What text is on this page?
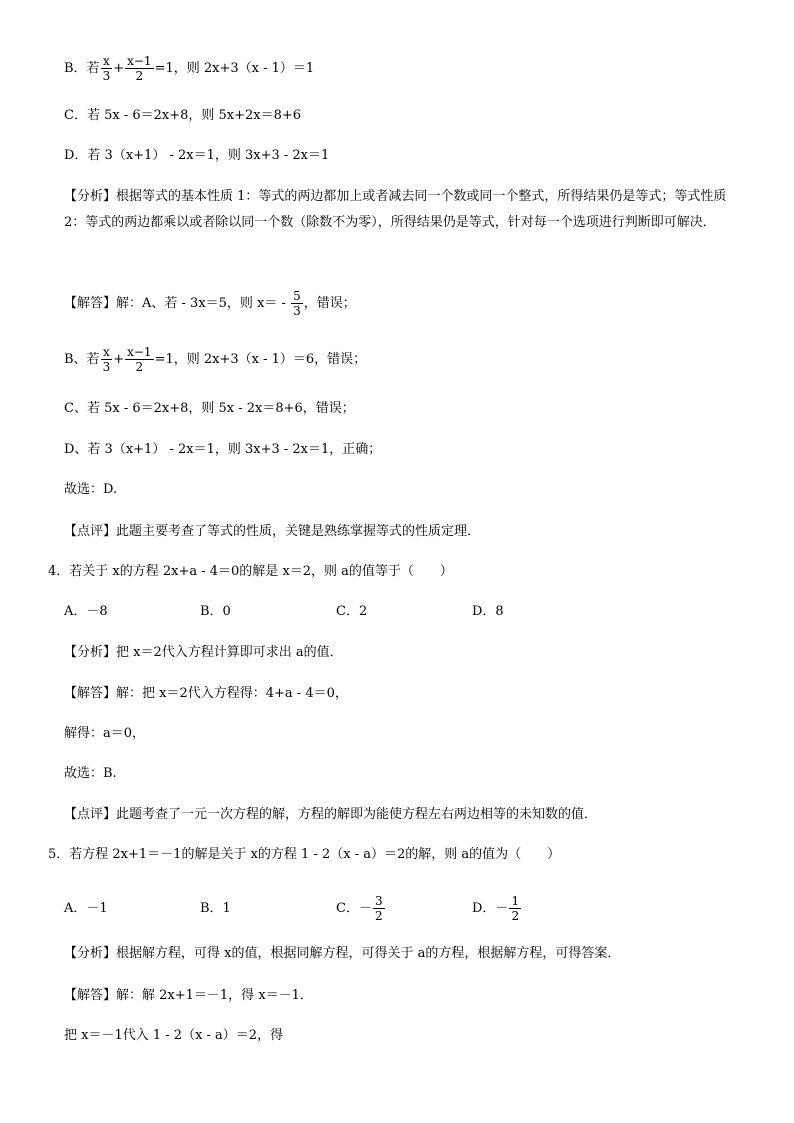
B．若 $\frac{x}{3} + \frac{x-1}{2} =1$，则 2x+3（x - 1）＝1
C．若 5x - 6＝2x+8，则 5x+2x＝8+6
D．若 3（x+1） - 2x＝1，则 3x+3 - 2x＝1
【分析】根据等式的基本性质 1：等式的两边都加上或者减去同一个数或同一个整式，所得结果仍是等式；等式性质 2：等式的两边都乘以或者除以同一个数（除数不为零），所得结果仍是等式，针对每一个选项进行判断即可解决．
【解答】解：A、若 - 3x＝5，则 $x= - \frac{5}{3}$ ，错误；
B、若 $\frac{x}{3} + \frac{x-1}{2} =1$，则 2x+3（x - 1）＝6，错误；
C、若 5x - 6＝2x+8，则 5x - 2x＝8+6，错误；
D、若 3（x+1） - 2x＝1，则 3x+3 - 2x＝1，正确；
故选：D.
【点评】此题主要考查了等式的性质，关键是熟练掌握等式的性质定理．
4．若关于 x的方程 2x+a - 4＝0的解是 x＝2，则 a的值等于（　　）
A．－8	B．0	C．2	D．8
【分析】把 x＝2代入方程计算即可求出 a的值．
【解答】解：把 x＝2代入方程得：4+a - 4＝0，
解得：a＝0，
故选：B.
【点评】此题考查了一元一次方程的解，方程的解即为能使方程左右两边相等的未知数的值．
5．若方程 2x+1＝－1的解是关于 x的方程 1 - 2（x - a）＝2的解，则 a的值为（　　）
A．－1	B．1	C．－ $\frac{3}{2}$	D．－ $\frac{1}{2}$
【分析】根据解方程，可得 x的值，根据同解方程，可得关于 a的方程，根据解方程，可得答案．
【解答】解：解 2x+1＝－1，得 x＝－1．
把 x＝－1代入 1 - 2（x - a）＝2，得
